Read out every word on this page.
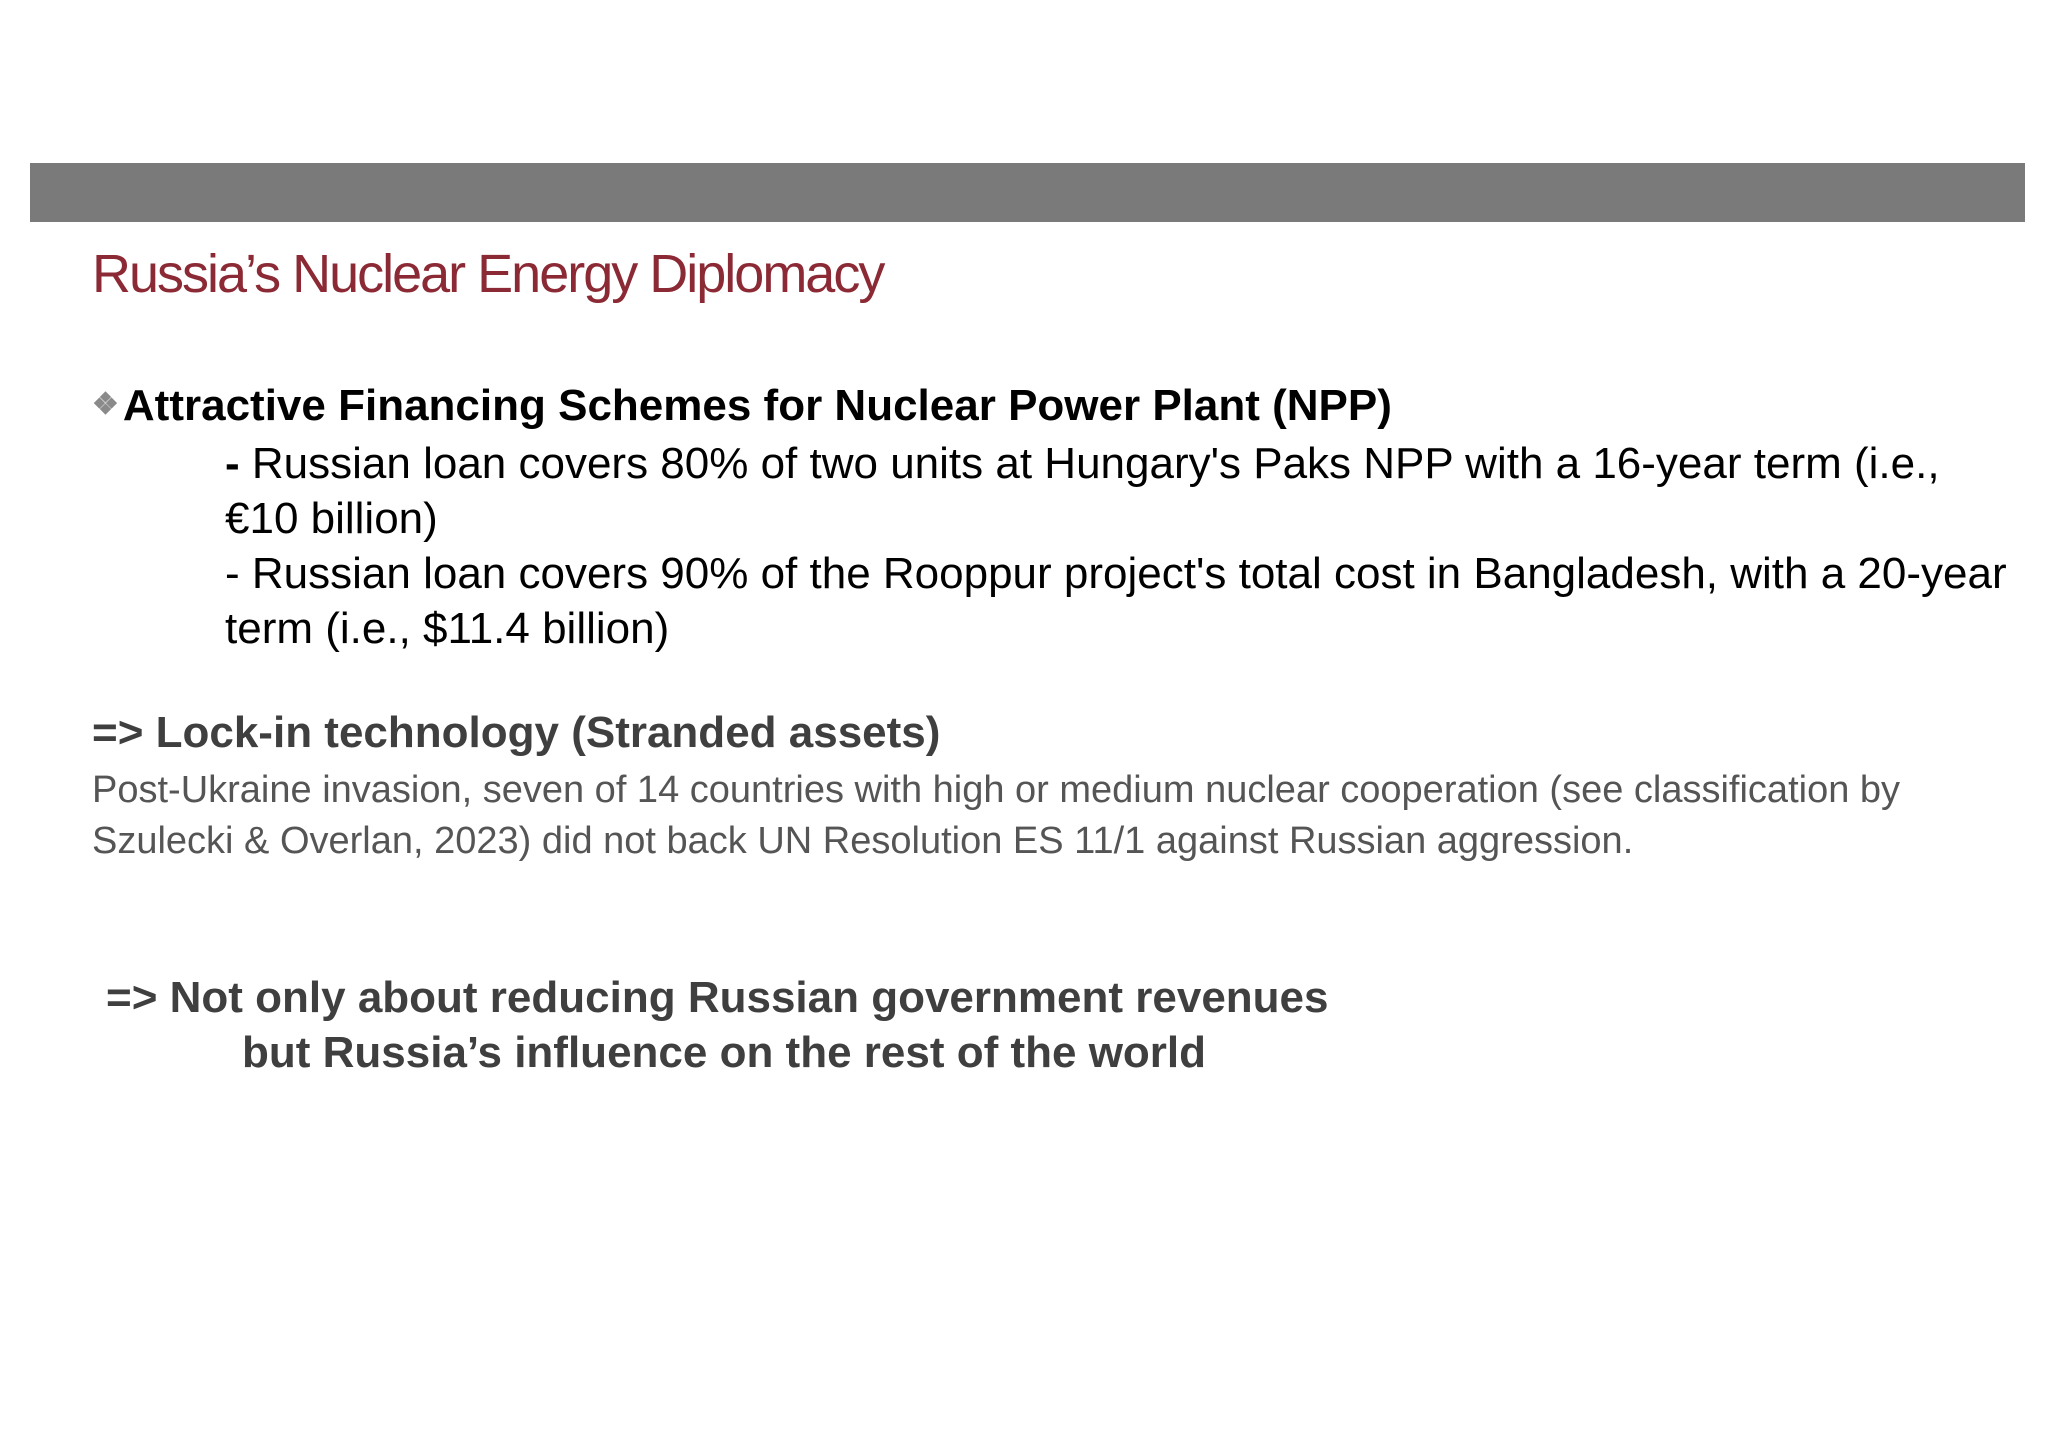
Russia’s Nuclear Energy Diplomacy
❖Attractive Financing Schemes for Nuclear Power Plant (NPP)
- Russian loan covers 80% of two units at Hungary's Paks NPP with a 16-year term (i.e., €10 billion)
- Russian loan covers 90% of the Rooppur project's total cost in Bangladesh, with a 20-year term (i.e., $11.4 billion)
=> Lock-in technology (Stranded assets)
Post-Ukraine invasion, seven of 14 countries with high or medium nuclear cooperation (see classification by Szulecki & Overlan, 2023) did not back UN Resolution ES 11/1 against Russian aggression.
=> Not only about reducing Russian government revenues
but Russia’s influence on the rest of the world
